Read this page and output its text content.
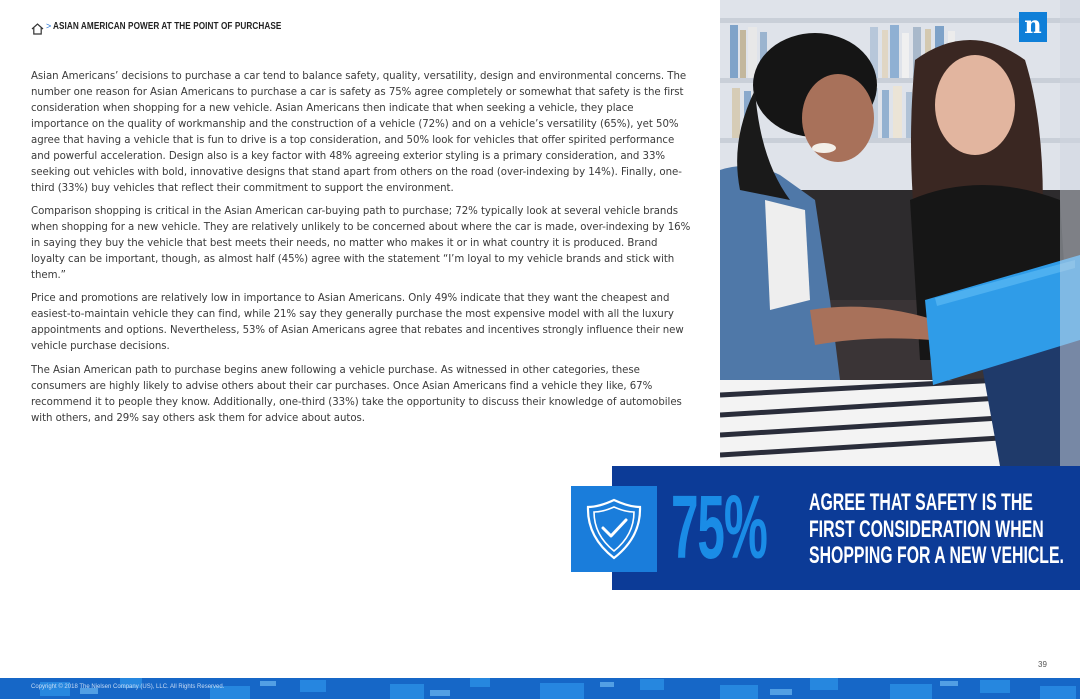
> ASIAN AMERICAN POWER AT THE POINT OF PURCHASE

Asian Americans’ decisions to purchase a car tend to balance safety, quality, versatility, design and environmental concerns. The number one reason for Asian Americans to purchase a car is safety as 75% agree completely or somewhat that safety is the first consideration when shopping for a new vehicle. Asian Americans then indicate that when seeking a vehicle, they place importance on the quality of workmanship and the construction of a vehicle (72%) and on a vehicle’s versatility (65%), yet 50% agree that having a vehicle that is fun to drive is a top consideration, and 50% look for vehicles that offer spirited performance and powerful acceleration. Design also is a key factor with 48% agreeing exterior styling is a primary consideration, and 33% seeking out vehicles with bold, innovative designs that stand apart from others on the road (over-indexing by 14%). Finally, one-third (33%) buy vehicles that reflect their commitment to support the environment.

Comparison shopping is critical in the Asian American car-buying path to purchase; 72% typically look at several vehicle brands when shopping for a new vehicle. They are relatively unlikely to be concerned about where the car is made, over-indexing by 16% in saying they buy the vehicle that best meets their needs, no matter who makes it or in what country it is produced. Brand loyalty can be important, though, as almost half (45%) agree with the statement “I’m loyal to my vehicle brands and stick with them.”

Price and promotions are relatively low in importance to Asian Americans. Only 49% indicate that they want the cheapest and easiest-to-maintain vehicle they can find, while 21% say they generally purchase the most expensive model with all the luxury appointments and options. Nevertheless, 53% of Asian Americans agree that rebates and incentives strongly influence their new vehicle purchase decisions.

The Asian American path to purchase begins anew following a vehicle purchase. As witnessed in other categories, these consumers are highly likely to advise others about their car purchases. Once Asian Americans find a vehicle they like, 67% recommend it to people they know. Additionally, one-third (33%) take the opportunity to discuss their knowledge of automobiles with others, and 29% say others ask them for advice about autos.

n
75% AGREE THAT SAFETY IS THE
FIRST CONSIDERATION WHEN
SHOPPING FOR A NEW VEHICLE.
39
Copyright © 2018 The Nielsen Company (US), LLC. All Rights Reserved.
